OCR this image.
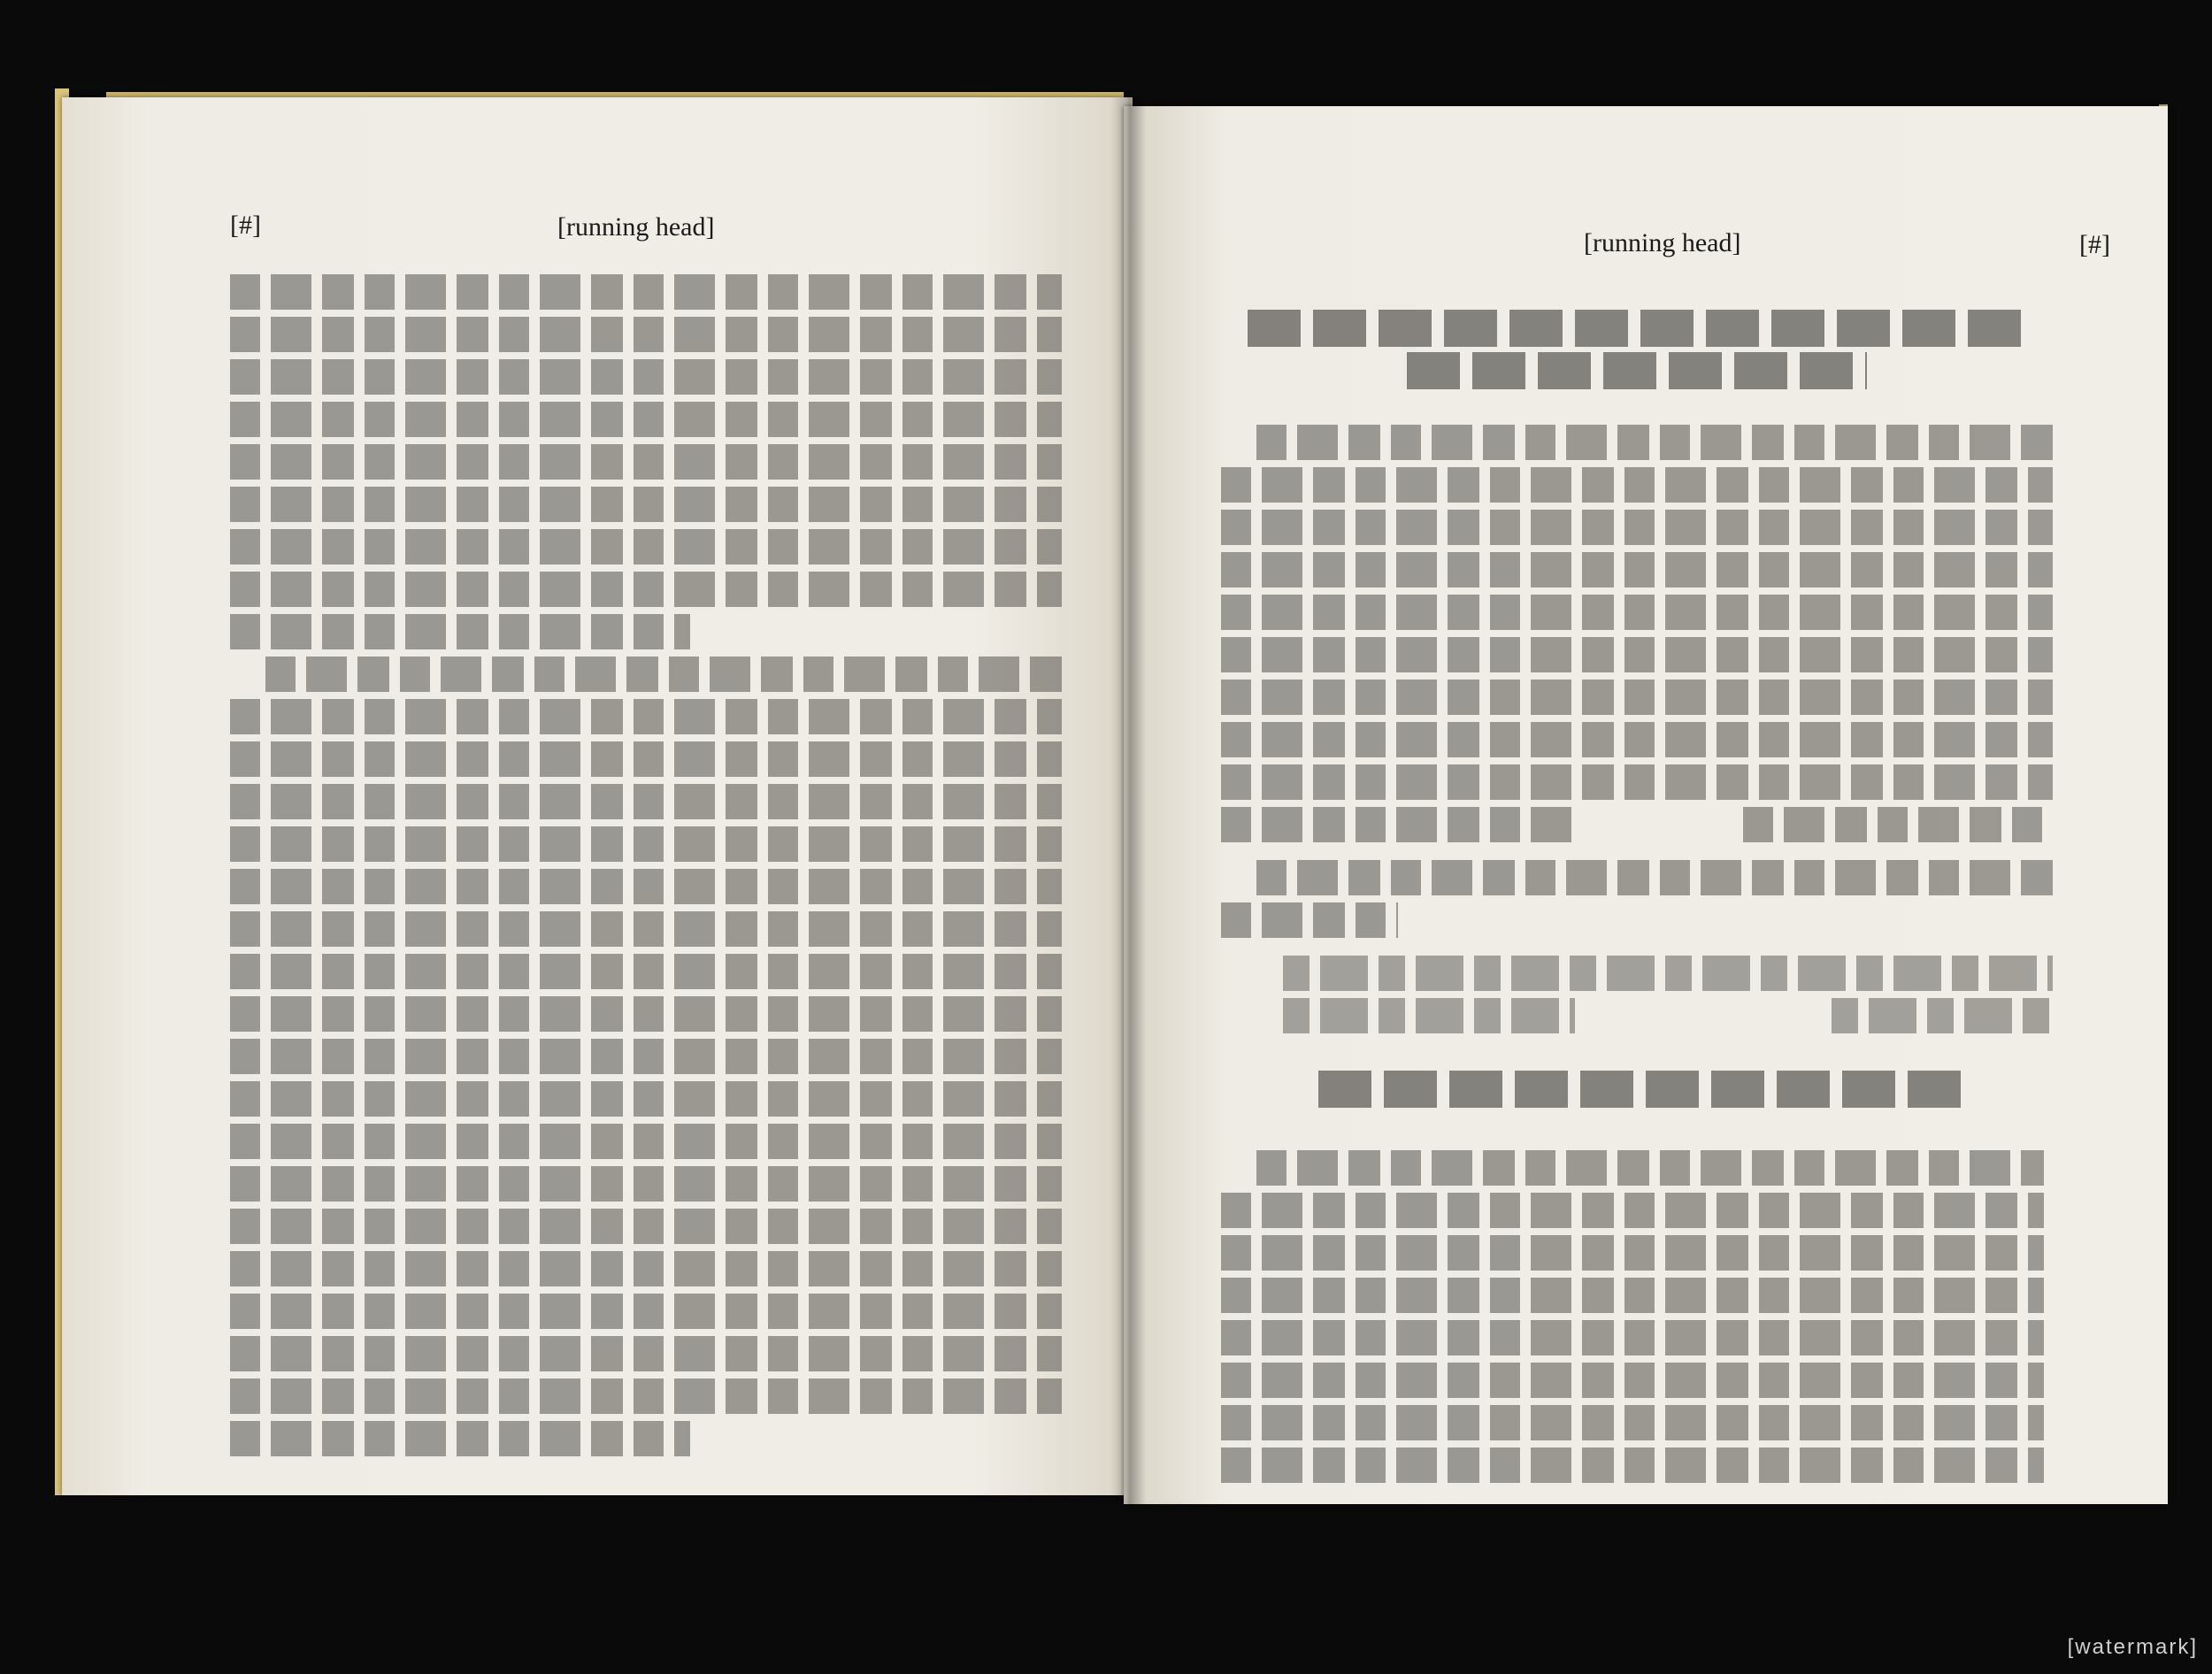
[#]	[running head]
[running head]	[#]
[watermark]
